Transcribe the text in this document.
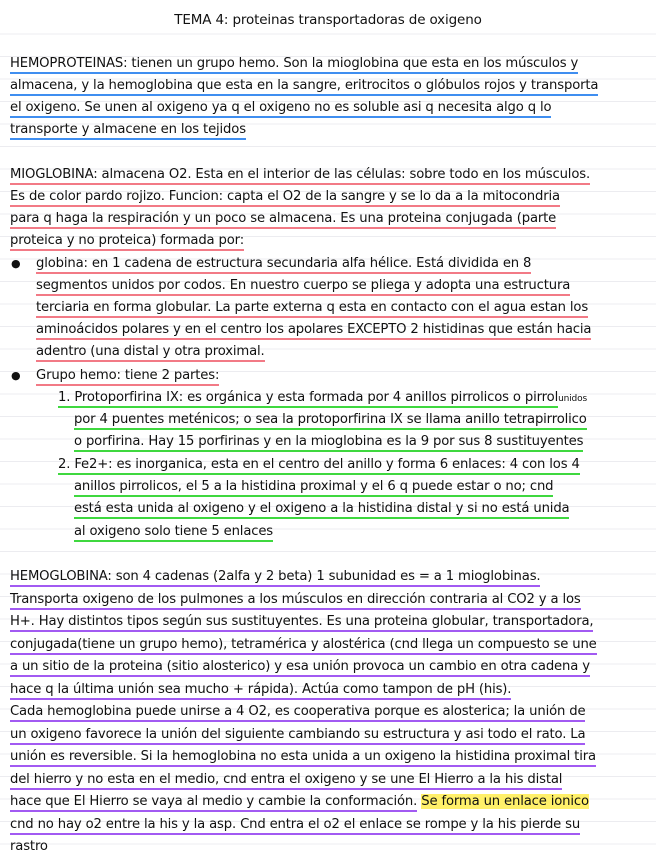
TEMA 4: proteinas transportadoras de oxigeno
HEMOPROTEINAS: tienen un grupo hemo. Son la mioglobina que esta en los músculos y
almacena, y la hemoglobina que esta en la sangre, eritrocitos o glóbulos rojos y transporta
el oxigeno. Se unen al oxigeno ya q el oxigeno no es soluble asi q necesita algo q lo
transporte y almacene en los tejidos
MIOGLOBINA: almacena O2. Esta en el interior de las células: sobre todo en los músculos.
Es de color pardo rojizo. Funcion: capta el O2 de la sangre y se lo da a la mitocondria
para q haga la respiración y un poco se almacena. Es una proteina conjugada (parte
proteica y no proteica) formada por:
● globina: en 1 cadena de estructura secundaria alfa hélice. Está dividida en 8
segmentos unidos por codos. En nuestro cuerpo se pliega y adopta una estructura
terciaria en forma globular. La parte externa q esta en contacto con el agua estan los
aminoácidos polares y en el centro los apolares EXCEPTO 2 histidinas que están hacia
adentro (una distal y otra proximal.
● Grupo hemo: tiene 2 partes:
1. Protoporfirina IX: es orgánica y esta formada por 4 anillos pirrolicos o pirrolunidos
por 4 puentes meténicos; o sea la protoporfirina IX se llama anillo tetrapirrolico
o porfirina. Hay 15 porfirinas y en la mioglobina es la 9 por sus 8 sustituyentes
2. Fe2+: es inorganica, esta en el centro del anillo y forma 6 enlaces: 4 con los 4
anillos pirrolicos, el 5 a la histidina proximal y el 6 q puede estar o no; cnd
está esta unida al oxigeno y el oxigeno a la histidina distal y si no está unida
al oxigeno solo tiene 5 enlaces
HEMOGLOBINA: son 4 cadenas (2alfa y 2 beta) 1 subunidad es = a 1 mioglobinas.
Transporta oxigeno de los pulmones a los músculos en dirección contraria al CO2 y a los
H+. Hay distintos tipos según sus sustituyentes. Es una proteina globular, transportadora,
conjugada(tiene un grupo hemo), tetramérica y alostérica (cnd llega un compuesto se une
a un sitio de la proteina (sitio alosterico) y esa unión provoca un cambio en otra cadena y
hace q la última unión sea mucho + rápida). Actúa como tampon de pH (his).
Cada hemoglobina puede unirse a 4 O2, es cooperativa porque es alosterica; la unión de
un oxigeno favorece la unión del siguiente cambiando su estructura y asi todo el rato. La
unión es reversible. Si la hemoglobina no esta unida a un oxigeno la histidina proximal tira
del hierro y no esta en el medio, cnd entra el oxigeno y se une El Hierro a la his distal
hace que El Hierro se vaya al medio y cambie la conformación. Se forma un enlace ionico
cnd no hay o2 entre la his y la asp. Cnd entra el o2 el enlace se rompe y la his pierde su
rastro
